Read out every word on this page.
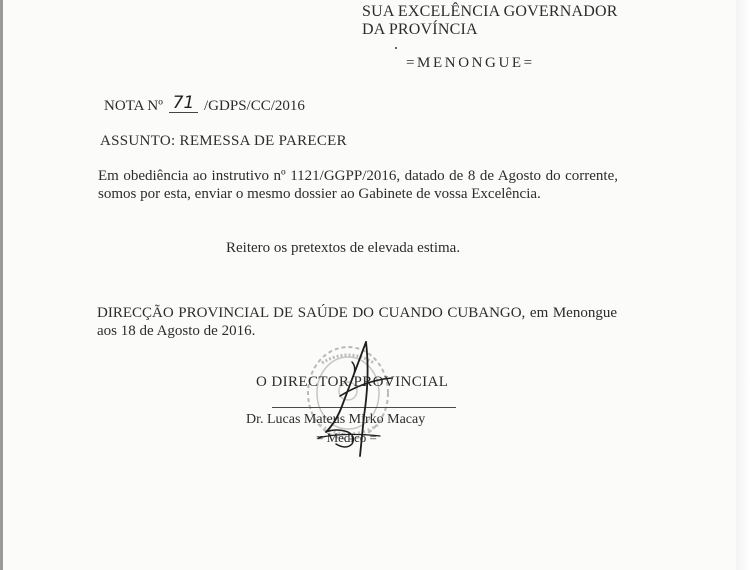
SUA EXCELÊNCIA GOVERNADOR
DA PROVÍNCIA
=MENONGUE=
NOTA Nº 71 /GDPS/CC/2016
ASSUNTO: REMESSA DE PARECER
Em obediência ao instrutivo nº 1121/GGPP/2016, datado de 8 de Agosto do corrente, somos por esta, enviar o mesmo dossier ao Gabinete de vossa Excelência.
Reitero os pretextos de elevada estima.
DIRECÇÃO PROVINCIAL DE SAÚDE DO CUANDO CUBANGO, em Menongue aos 18 de Agosto de 2016.
O DIRECTOR PROVINCIAL
Dr. Lucas Mateus Mirko Macay
= Médico =
